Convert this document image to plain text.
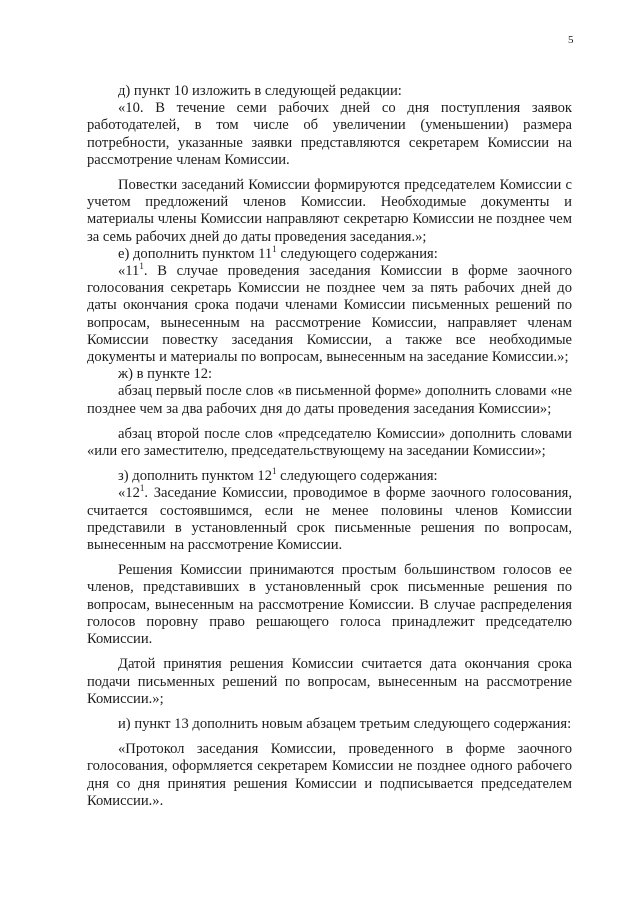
5

д) пункт 10 изложить в следующей редакции:

«10. В течение семи рабочих дней со дня поступления заявок работодателей, в том числе об увеличении (уменьшении) размера потребности, указанные заявки представляются секретарем Комиссии на рассмотрение членам Комиссии.

Повестки заседаний Комиссии формируются председателем Комиссии с учетом предложений членов Комиссии. Необходимые документы и материалы члены Комиссии направляют секретарю Комиссии не позднее чем за семь рабочих дней до даты проведения заседания.»;

е) дополнить пунктом $11^1$ следующего содержания:

«$11^1$. В случае проведения заседания Комиссии в форме заочного голосования секретарь Комиссии не позднее чем за пять рабочих дней до даты окончания срока подачи членами Комиссии письменных решений по вопросам, вынесенным на рассмотрение Комиссии, направляет членам Комиссии повестку заседания Комиссии, а также все необходимые документы и материалы по вопросам, вынесенным на заседание Комиссии.»;

ж) в пункте 12:

абзац первый после слов «в письменной форме» дополнить словами «не позднее чем за два рабочих дня до даты проведения заседания Комиссии»;

абзац второй после слов «председателю Комиссии» дополнить словами «или его заместителю, председательствующему на заседании Комиссии»;

з) дополнить пунктом $12^1$ следующего содержания:

«$12^1$. Заседание Комиссии, проводимое в форме заочного голосования, считается состоявшимся, если не менее половины членов Комиссии представили в установленный срок письменные решения по вопросам, вынесенным на рассмотрение Комиссии.

Решения Комиссии принимаются простым большинством голосов ее членов, представивших в установленный срок письменные решения по вопросам, вынесенным на рассмотрение Комиссии. В случае распределения голосов поровну право решающего голоса принадлежит председателю Комиссии.

Датой принятия решения Комиссии считается дата окончания срока подачи письменных решений по вопросам, вынесенным на рассмотрение Комиссии.»;

и) пункт 13 дополнить новым абзацем третьим следующего содержания:

«Протокол заседания Комиссии, проведенного в форме заочного голосования, оформляется секретарем Комиссии не позднее одного рабочего дня со дня принятия решения Комиссии и подписывается председателем Комиссии.».
